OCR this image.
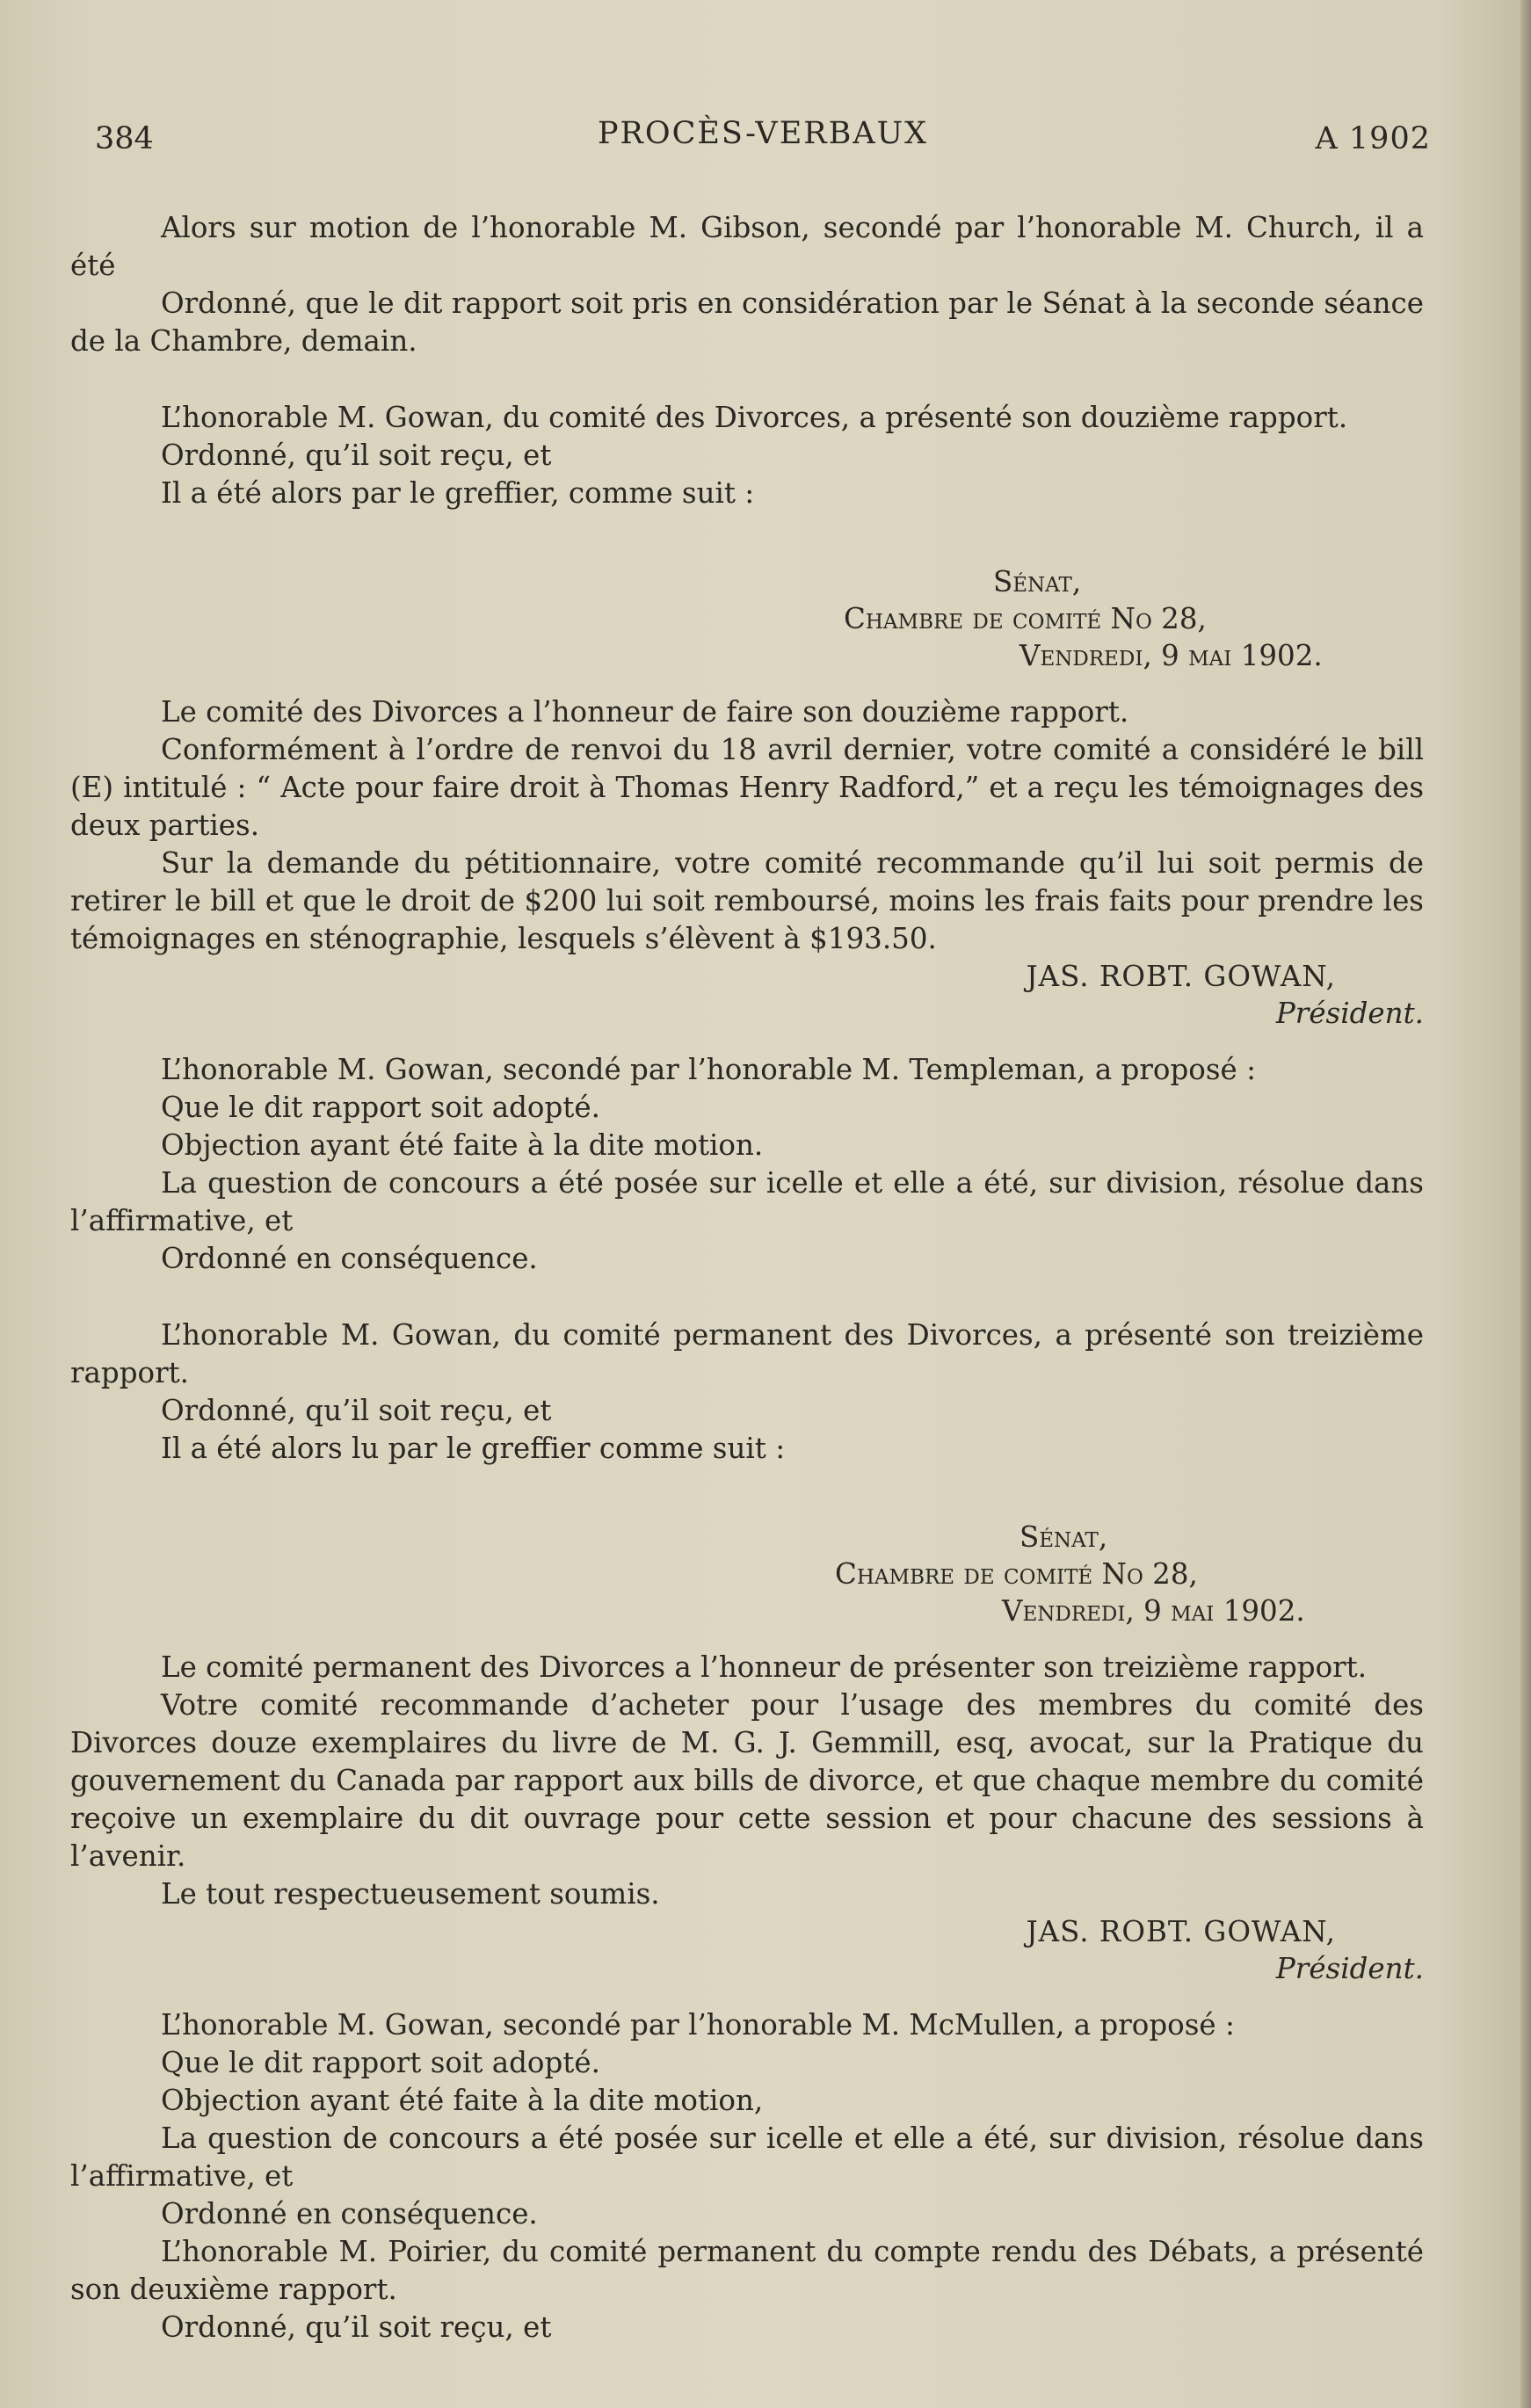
384	PROCÈS-VERBAUX	A 1902

Alors sur motion de l’honorable M. Gibson, secondé par l’honorable M. Church, il a été

Ordonné, que le dit rapport soit pris en considération par le Sénat à la seconde séance de la Chambre, demain.

L’honorable M. Gowan, du comité des Divorces, a présenté son douzième rapport.

Ordonné, qu’il soit reçu, et

Il a été alors par le greffier, comme suit :

Sénat,
Chambre de comité No 28,
Vendredi, 9 mai 1902.

Le comité des Divorces a l’honneur de faire son douzième rapport.

Conformément à l’ordre de renvoi du 18 avril dernier, votre comité a considéré le bill (E) intitulé : “ Acte pour faire droit à Thomas Henry Radford,” et a reçu les témoignages des deux parties.

Sur la demande du pétitionnaire, votre comité recommande qu’il lui soit permis de retirer le bill et que le droit de $200 lui soit remboursé, moins les frais faits pour prendre les témoignages en sténographie, lesquels s’élèvent à $193.50.

JAS. ROBT. GOWAN,
Président.

L’honorable M. Gowan, secondé par l’honorable M. Templeman, a proposé :

Que le dit rapport soit adopté.

Objection ayant été faite à la dite motion.

La question de concours a été posée sur icelle et elle a été, sur division, résolue dans l’affirmative, et

Ordonné en conséquence.

L’honorable M. Gowan, du comité permanent des Divorces, a présenté son treizième rapport.

Ordonné, qu’il soit reçu, et

Il a été alors lu par le greffier comme suit :

Sénat,
Chambre de comité No 28,
Vendredi, 9 mai 1902.

Le comité permanent des Divorces a l’honneur de présenter son treizième rapport.

Votre comité recommande d’acheter pour l’usage des membres du comité des Divorces douze exemplaires du livre de M. G. J. Gemmill, esq, avocat, sur la Pratique du gouvernement du Canada par rapport aux bills de divorce, et que chaque membre du comité reçoive un exemplaire du dit ouvrage pour cette session et pour chacune des sessions à l’avenir.

Le tout respectueusement soumis.

JAS. ROBT. GOWAN,
Président.

L’honorable M. Gowan, secondé par l’honorable M. McMullen, a proposé :

Que le dit rapport soit adopté.

Objection ayant été faite à la dite motion,

La question de concours a été posée sur icelle et elle a été, sur division, résolue dans l’affirmative, et

Ordonné en conséquence.

L’honorable M. Poirier, du comité permanent du compte rendu des Débats, a présenté son deuxième rapport.

Ordonné, qu’il soit reçu, et
